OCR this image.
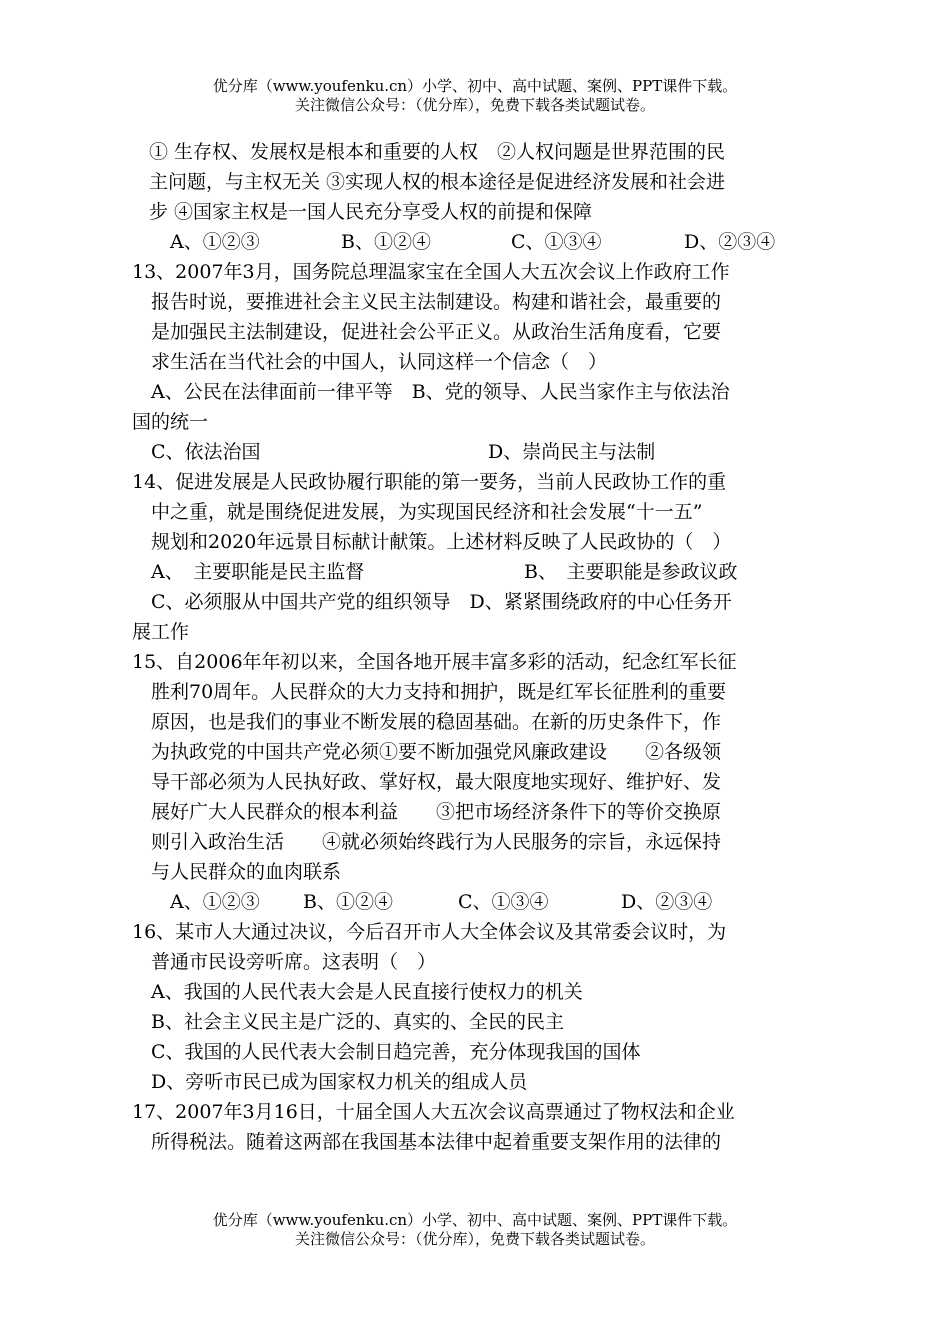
优分库（www.youfenku.cn）小学、初中、高中试题、案例、PPT课件下载。
关注微信公众号：（优分库），免费下载各类试题试卷。
① 生存权、发展权是根本和重要的人权　②人权问题是世界范围的民
主问题，与主权无关 ③实现人权的根本途径是促进经济发展和社会进
步 ④国家主权是一国人民充分享受人权的前提和保障
A、①②③	B、①②④	C、①③④	D、②③④
13、2007年3月，国务院总理温家宝在全国人大五次会议上作政府工作
报告时说，要推进社会主义民主法制建设。构建和谐社会，最重要的
是加强民主法制建设，促进社会公平正义。从政治生活角度看，它要
求生活在当代社会的中国人，认同这样一个信念（　）
A、公民在法律面前一律平等　B、党的领导、人民当家作主与依法治
国的统一
C、依法治国	D、崇尚民主与法制
14、促进发展是人民政协履行职能的第一要务，当前人民政协工作的重
中之重，就是围绕促进发展，为实现国民经济和社会发展“十一五”
规划和2020年远景目标献计献策。上述材料反映了人民政协的（　）
A、　主要职能是民主监督	B、　主要职能是参政议政
C、必须服从中国共产党的组织领导　D、紧紧围绕政府的中心任务开
展工作
15、自2006年年初以来，全国各地开展丰富多彩的活动，纪念红军长征
胜利70周年。人民群众的大力支持和拥护，既是红军长征胜利的重要
原因，也是我们的事业不断发展的稳固基础。在新的历史条件下，作
为执政党的中国共产党必须①要不断加强党风廉政建设　　②各级领
导干部必须为人民执好政、掌好权，最大限度地实现好、维护好、发
展好广大人民群众的根本利益　　③把市场经济条件下的等价交换原
则引入政治生活　　④就必须始终践行为人民服务的宗旨，永远保持
与人民群众的血肉联系
A、①②③ B、①②④	C、①③④	D、②③④
16、某市人大通过决议，今后召开市人大全体会议及其常委会议时，为
普通市民设旁听席。这表明（　）
A、我国的人民代表大会是人民直接行使权力的机关
B、社会主义民主是广泛的、真实的、全民的民主
C、我国的人民代表大会制日趋完善，充分体现我国的国体
D、旁听市民已成为国家权力机关的组成人员
17、2007年3月16日，十届全国人大五次会议高票通过了物权法和企业
所得税法。随着这两部在我国基本法律中起着重要支架作用的法律的
优分库（www.youfenku.cn）小学、初中、高中试题、案例、PPT课件下载。
关注微信公众号：（优分库），免费下载各类试题试卷。
